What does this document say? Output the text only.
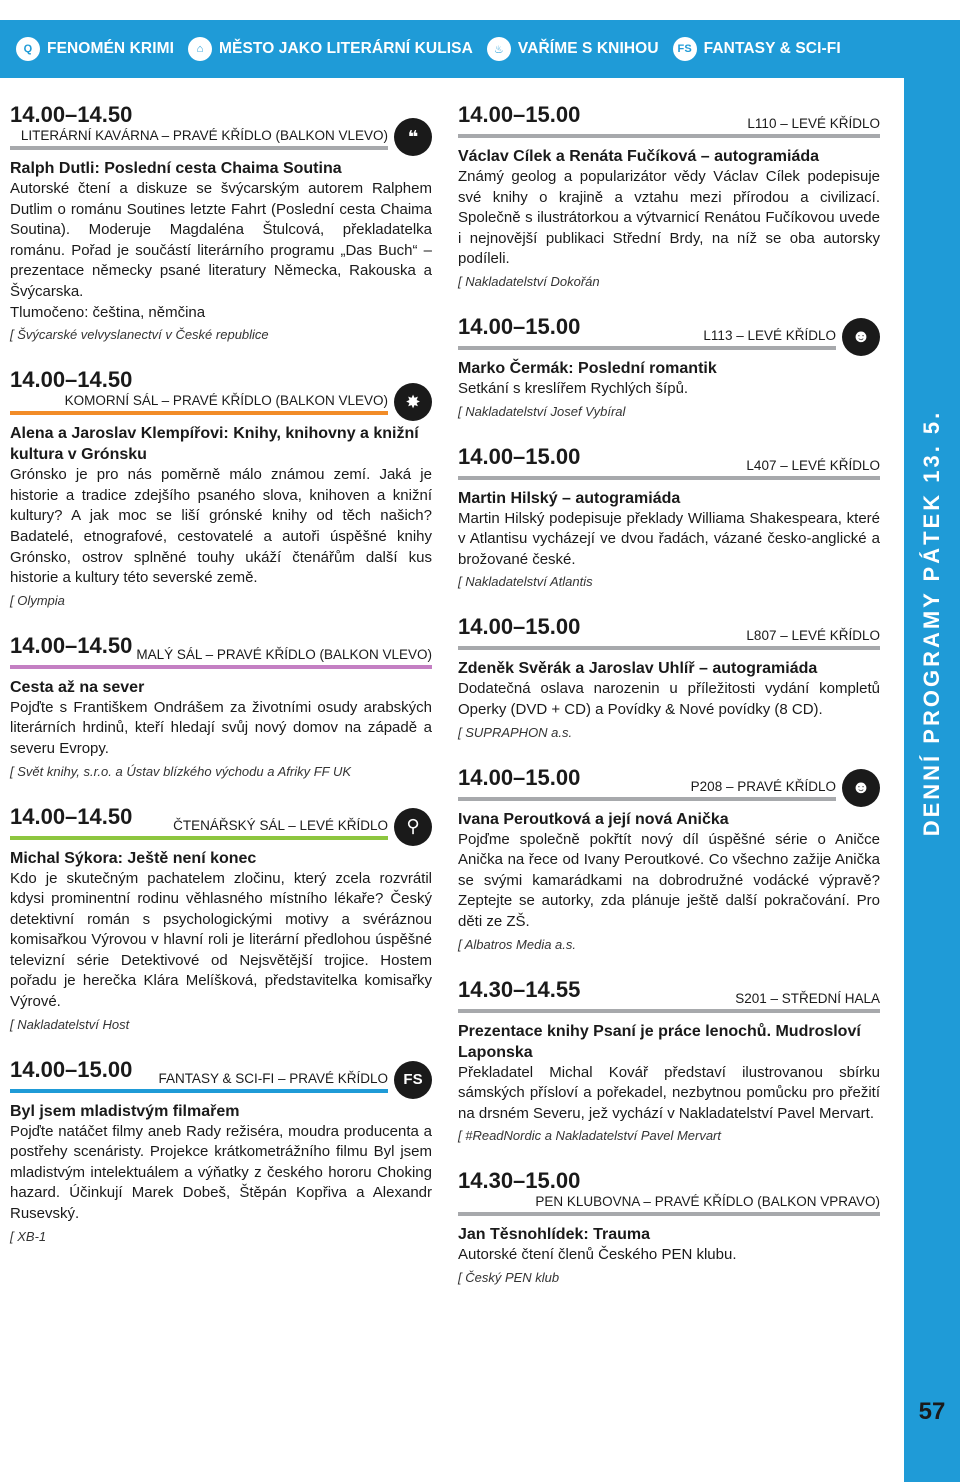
Q FENOMÉN KRIMI	⌂	MĚSTO JAKO LITERÁRNÍ KULISA	♨ VAŘÍME S KNIHOU	FS FANTASY & SCI-FI
DENNÍ PROGRAMY PÁTEK 13. 5.
57
14.00–14.50
LITERÁRNÍ KAVÁRNA – PRAVÉ KŘÍDLO (BALKON VLEVO)	❝
Ralph Dutli: Poslední cesta Chaima Soutina
Autorské čtení a diskuze se švýcarským autorem Ralphem Dutlim o románu Soutines letzte Fahrt (Poslední cesta Chaima Soutina). Moderuje Magdaléna Štulcová, překladatelka románu. Pořad je součástí literárního programu „Das Buch“ – prezentace německy psané literatury Německa, Rakouska a Švýcarska.
Tlumočeno: čeština, němčina
[ Švýcarské velvyslanectví v České republice
14.00–14.50
KOMORNÍ SÁL – PRAVÉ KŘÍDLO (BALKON VLEVO) ✸
Alena a Jaroslav Klempířovi: Knihy, knihovny a knižní kultura v Grónsku
Grónsko je pro nás poměrně málo známou zemí. Jaká je historie a tradice zdejšího psaného slova, knihoven a knižní kultury? A jak moc se liší grónské knihy od těch našich? Badatelé, etnografové, cestovatelé a autoři úspěšné knihy Grónsko, ostrov splněné touhy ukáží čtenářům další kus historie a kultury této severské země.
[ Olympia
14.00–14.50 MALÝ SÁL – PRAVÉ KŘÍDLO (BALKON VLEVO)
Cesta až na sever
Pojďte s Františkem Ondrášem za životními osudy arabských literárních hrdinů, kteří hledají svůj nový domov na západě a severu Evropy.
[ Svět knihy, s.r.o. a Ústav blízkého východu a Afriky FF UK
14.00–14.50	ČTENÁŘSKÝ SÁL – LEVÉ KŘÍDLO	⚲
Michal Sýkora: Ještě není konec
Kdo je skutečným pachatelem zločinu, který zcela rozvrátil kdysi prominentní rodinu věhlasného místního lékaře? Český detektivní román s psychologickými motivy a svéráznou komisařkou Výrovou v hlavní roli je literární předlohou úspěšné televizní série Detektivové od Nejsvětější trojice. Hostem pořadu je herečka Klára Melíšková, představitelka komisařky Výrové.
[ Nakladatelství Host
14.00–15.00 FANTASY & SCI-FI – PRAVÉ KŘÍDLO	FS
Byl jsem mladistvým filmařem
Pojďte natáčet filmy aneb Rady režiséra, moudra producenta a postřehy scenáristy. Projekce krátkometrážního filmu Byl jsem mladistvým intelektuálem a výňatky z českého hororu Choking hazard. Účinkují Marek Dobeš, Štěpán Kopřiva a Alexandr Rusevský.
[ XB-1
14.00–15.00	L110 – LEVÉ KŘÍDLO
Václav Cílek a Renáta Fučíková – autogramiáda
Známý geolog a popularizátor vědy Václav Cílek podepisuje své knihy o krajině a vztahu mezi přírodou a civilizací. Společně s ilustrátorkou a výtvarnicí Renátou Fučíkovou uvede i nejnovější publikaci Střední Brdy, na níž se oba autorsky podíleli.
[ Nakladatelství Dokořán
14.00–15.00	L113 – LEVÉ KŘÍDLO ☻
Marko Čermák: Poslední romantik
Setkání s kreslířem Rychlých šípů.
[ Nakladatelství Josef Vybíral
14.00–15.00	L407 – LEVÉ KŘÍDLO
Martin Hilský – autogramiáda
Martin Hilský podepisuje překlady Williama Shakespeara, které v Atlantisu vycházejí ve dvou řadách, vázané česko-anglické a brožované české.
[ Nakladatelství Atlantis
14.00–15.00	L807 – LEVÉ KŘÍDLO
Zdeněk Svěrák a Jaroslav Uhlíř – autogramiáda
Dodatečná oslava narozenin u příležitosti vydání kompletů Operky (DVD + CD) a Povídky & Nové povídky (8 CD).
[ SUPRAPHON a.s.
14.00–15.00	P208 – PRAVÉ KŘÍDLO ☻
Ivana Peroutková a její nová Anička
Pojďme společně pokřtít nový díl úspěšné série o Aničce Anička na řece od Ivany Peroutkové. Co všechno zažije Anička se svými kamarádkami na dobrodružné vodácké výpravě? Zeptejte se autorky, zda plánuje ještě další pokračování. Pro děti ze ZŠ.
[ Albatros Media a.s.
14.30–14.55	S201 – STŘEDNÍ HALA
Prezentace knihy Psaní je práce lenochů. Mudrosloví Laponska
Překladatel Michal Kovář představí ilustrovanou sbírku sámských přísloví a pořekadel, nezbytnou pomůcku pro přežití na drsném Severu, jež vychází v Nakladatelství Pavel Mervart.
[ #ReadNordic a Nakladatelství Pavel Mervart
14.30–15.00
PEN KLUBOVNA – PRAVÉ KŘÍDLO (BALKON VPRAVO)
Jan Těsnohlídek: Trauma
Autorské čtení členů Českého PEN klubu.
[ Český PEN klub
